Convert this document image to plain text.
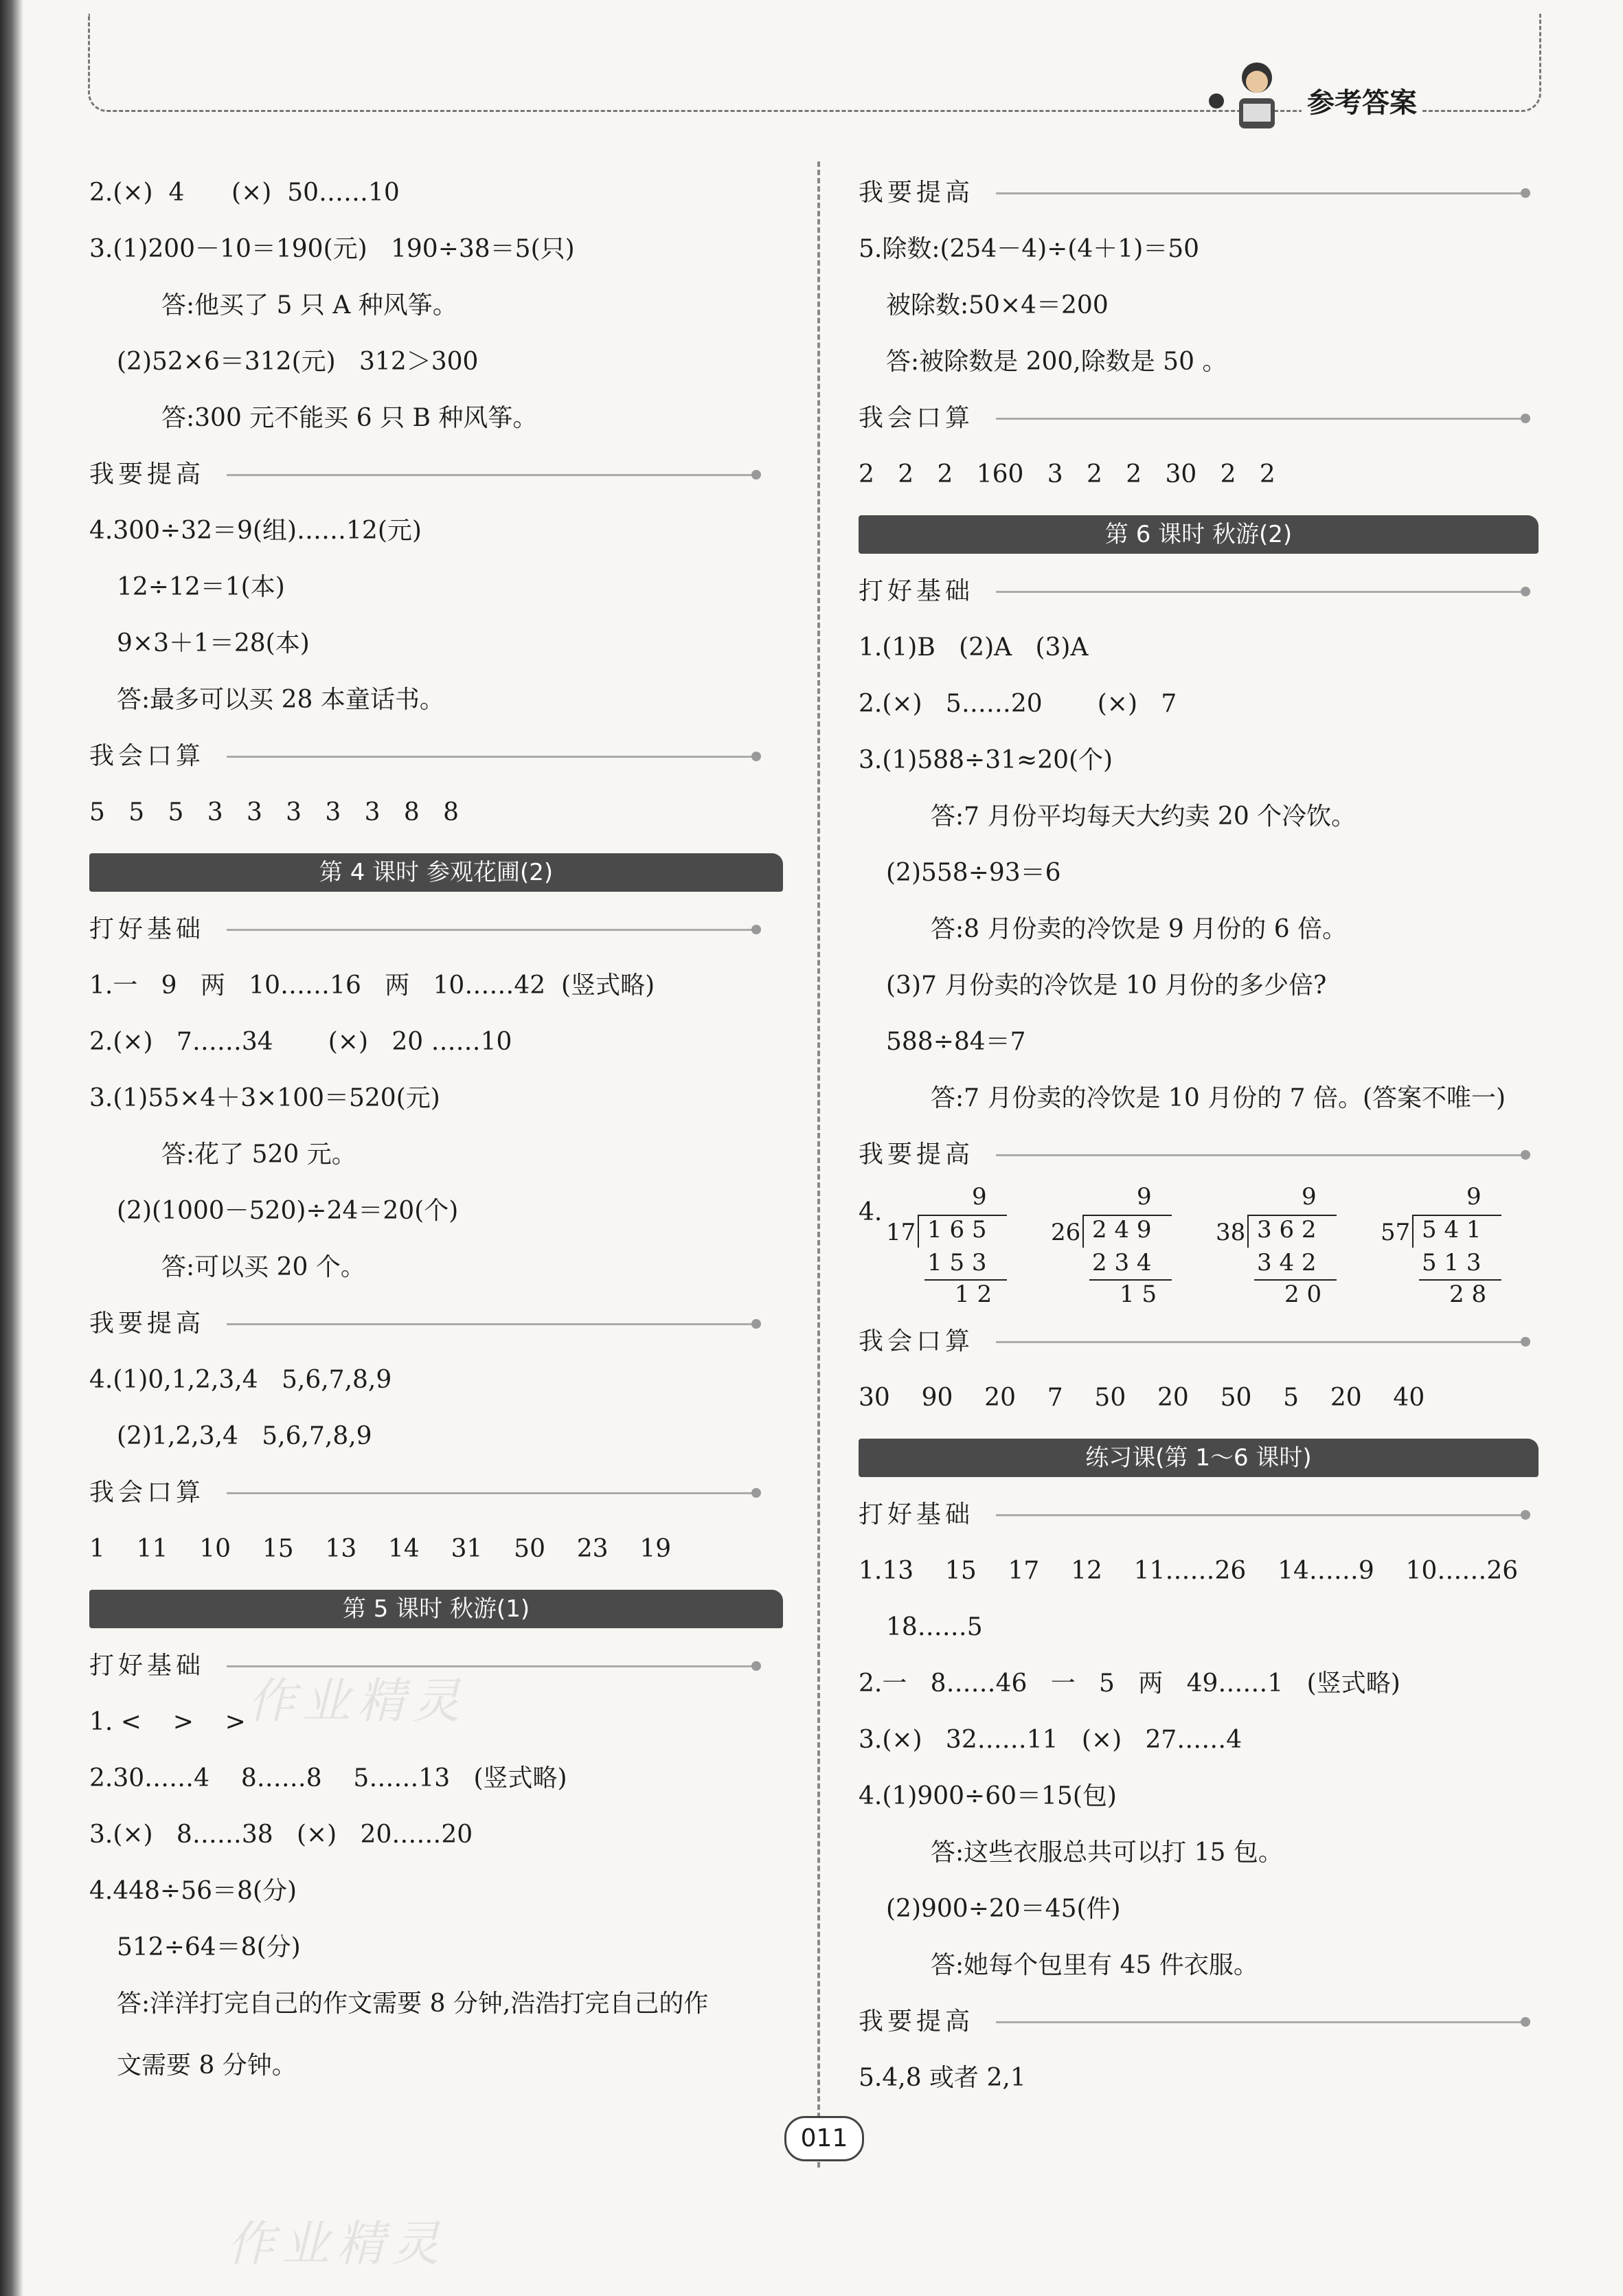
参考答案
2.(×)  4      (×)  50……10
3.(1)200－10＝190(元)   190÷38＝5(只)
答:他买了 5 只 A 种风筝。
(2)52×6＝312(元)   312＞300
答:300 元不能买 6 只 B 种风筝。
我要提高
4.300÷32＝9(组)……12(元)
12÷12＝1(本)
9×3＋1＝28(本)
答:最多可以买 28 本童话书。
我会口算
5   5   5   3   3   3   3   3   8   8
第 4 课时 参观花圃(2)
打好基础
1.一   9   两   10……16   两   10……42  (竖式略)
2.(×)   7……34       (×)   20 ……10
3.(1)55×4＋3×100＝520(元)
答:花了 520 元。
(2)(1000－520)÷24＝20(个)
答:可以买 20 个。
我要提高
4.(1)0,1,2,3,4   5,6,7,8,9
(2)1,2,3,4   5,6,7,8,9
我会口算
1    11    10    15    13    14    31    50    23    19
第 5 课时 秋游(1)
打好基础
1. <    >    >
2.30……4    8……8    5……13   (竖式略)
3.(×)   8……38   (×)   20……20
4.448÷56＝8(分)
512÷64＝8(分)
答:洋洋打完自己的作文需要 8 分钟,浩浩打完自己的作
文需要 8 分钟。
我要提高
5.除数:(254－4)÷(4＋1)＝50
被除数:50×4＝200
答:被除数是 200,除数是 50 。
我会口算
2   2   2   160   3   2   2   30   2   2
第 6 课时 秋游(2)
打好基础
1.(1)B   (2)A   (3)A
2.(×)   5……20       (×)   7
3.(1)588÷31≈20(个)
答:7 月份平均每天大约卖 20 个冷饮。
(2)558÷93＝6
答:8 月份卖的冷饮是 9 月份的 6 倍。
(3)7 月份卖的冷饮是 10 月份的多少倍?
588÷84＝7
答:7 月份卖的冷饮是 10 月份的 7 倍。(答案不唯一)
我要提高
4.
9
17 1 6 5
1 5 3
1 2
9
26 2 4 9
2 3 4
1 5
9
38 3 6 2
3 4 2
2 0
9
57 5 4 1
5 1 3
2 8
我会口算
30    90    20    7    50    20    50    5    20    40
练习课(第 1～6 课时)
打好基础
1.13    15    17    12    11……26    14……9    10……26
18……5
2.一   8……46   一   5   两   49……1   (竖式略)
3.(×)   32……11   (×)   27……4
4.(1)900÷60＝15(包)
答:这些衣服总共可以打 15 包。
(2)900÷20＝45(件)
答:她每个包里有 45 件衣服。
我要提高
5.4,8 或者 2,1
作业精灵
作业精灵
011
